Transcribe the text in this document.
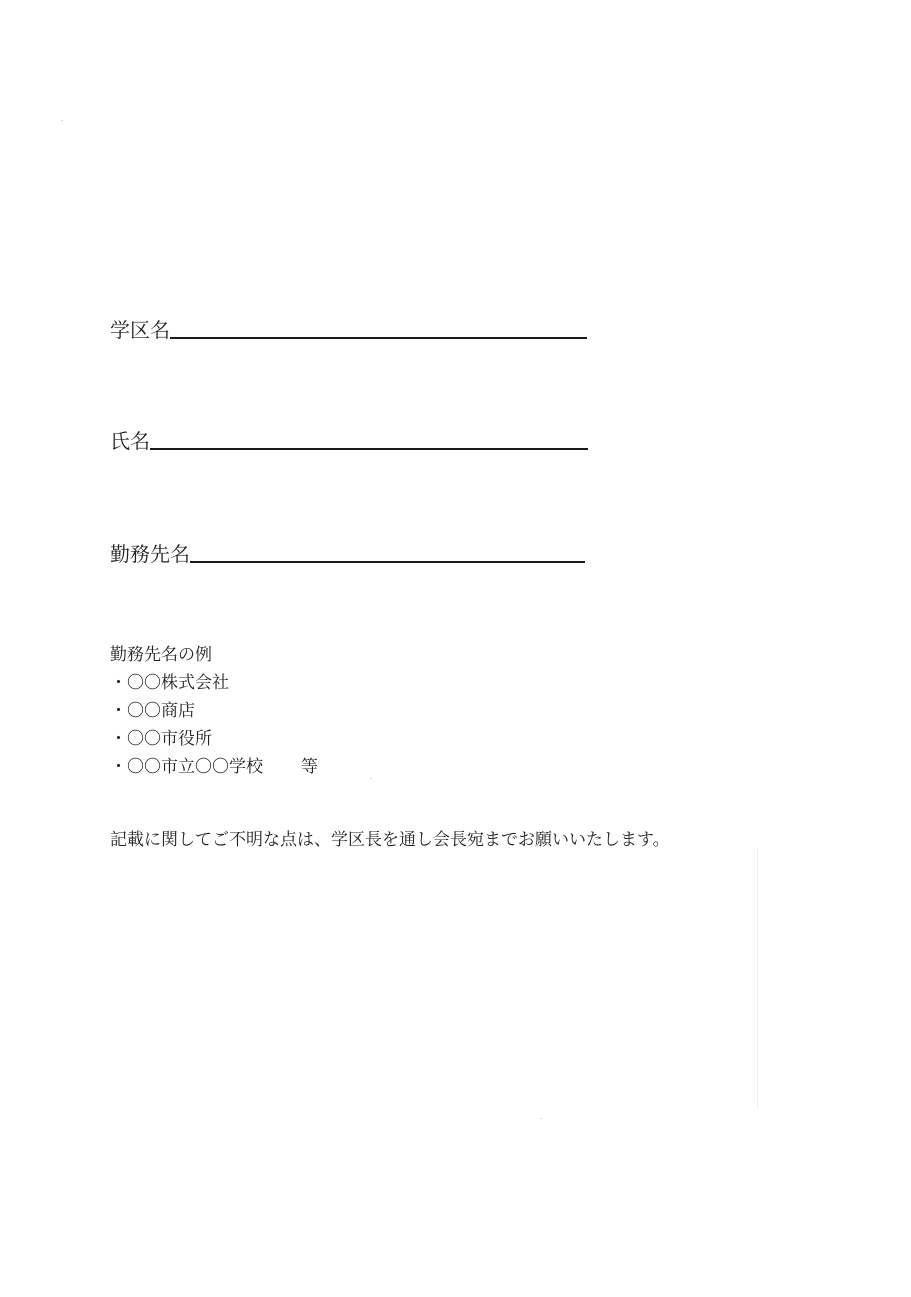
学区名
氏名
勤務先名

勤務先名の例

・〇〇株式会社
・〇〇商店
・〇〇市役所
・〇〇市立〇〇学校 等

記載に関してご不明な点は、学区長を通し会長宛までお願いいたします。
